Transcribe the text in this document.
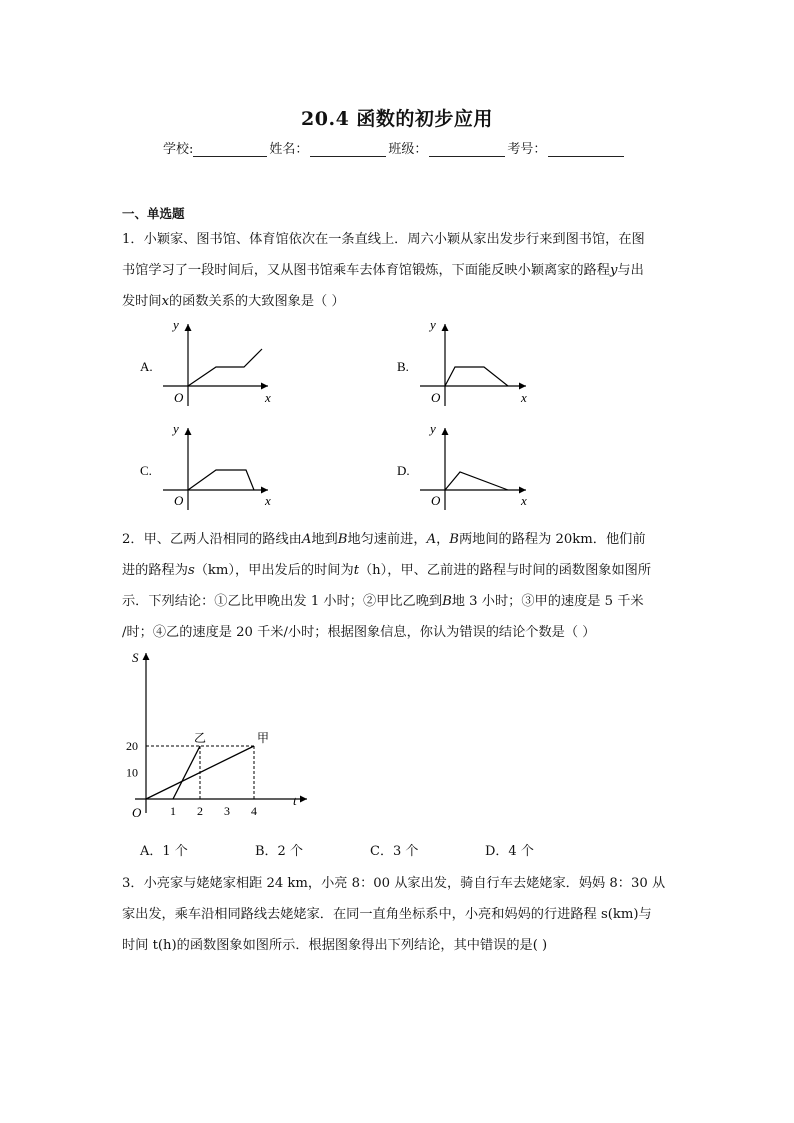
20.4 函数的初步应用
学校:	姓名：	班级：	考号：
一、单选题
1．小颖家、图书馆、体育馆依次在一条直线上．周六小颖从家出发步行来到图书馆，在图
书馆学习了一段时间后，又从图书馆乘车去体育馆锻炼，下面能反映小颖离家的路程y与出
发时间x的函数关系的大致图象是（ ）
A.
y
x
O
B.
y
x
O
C.
y
x
O
D.
y
x
O
2．甲、乙两人沿相同的路线由A地到B地匀速前进，A，B两地间的路程为 20km．他们前
进的路程为s（km），甲出发后的时间为t（h），甲、乙前进的路程与时间的函数图象如图所
示．下列结论：①乙比甲晚出发 1 小时；②甲比乙晚到B地 3 小时；③甲的速度是 5 千米
/时；④乙的速度是 20 千米/小时；根据图象信息，你认为错误的结论个数是（ ）
S
t
O 1 2 3 4
20
10
甲
乙
A．1 个	B．2 个	C．3 个	D．4 个
3．小亮家与姥姥家相距 24 km，小亮 8：00 从家出发，骑自行车去姥姥家．妈妈 8：30 从
家出发，乘车沿相同路线去姥姥家．在同一直角坐标系中，小亮和妈妈的行进路程 s(km)与
时间 t(h)的函数图象如图所示．根据图象得出下列结论，其中错误的是( )
